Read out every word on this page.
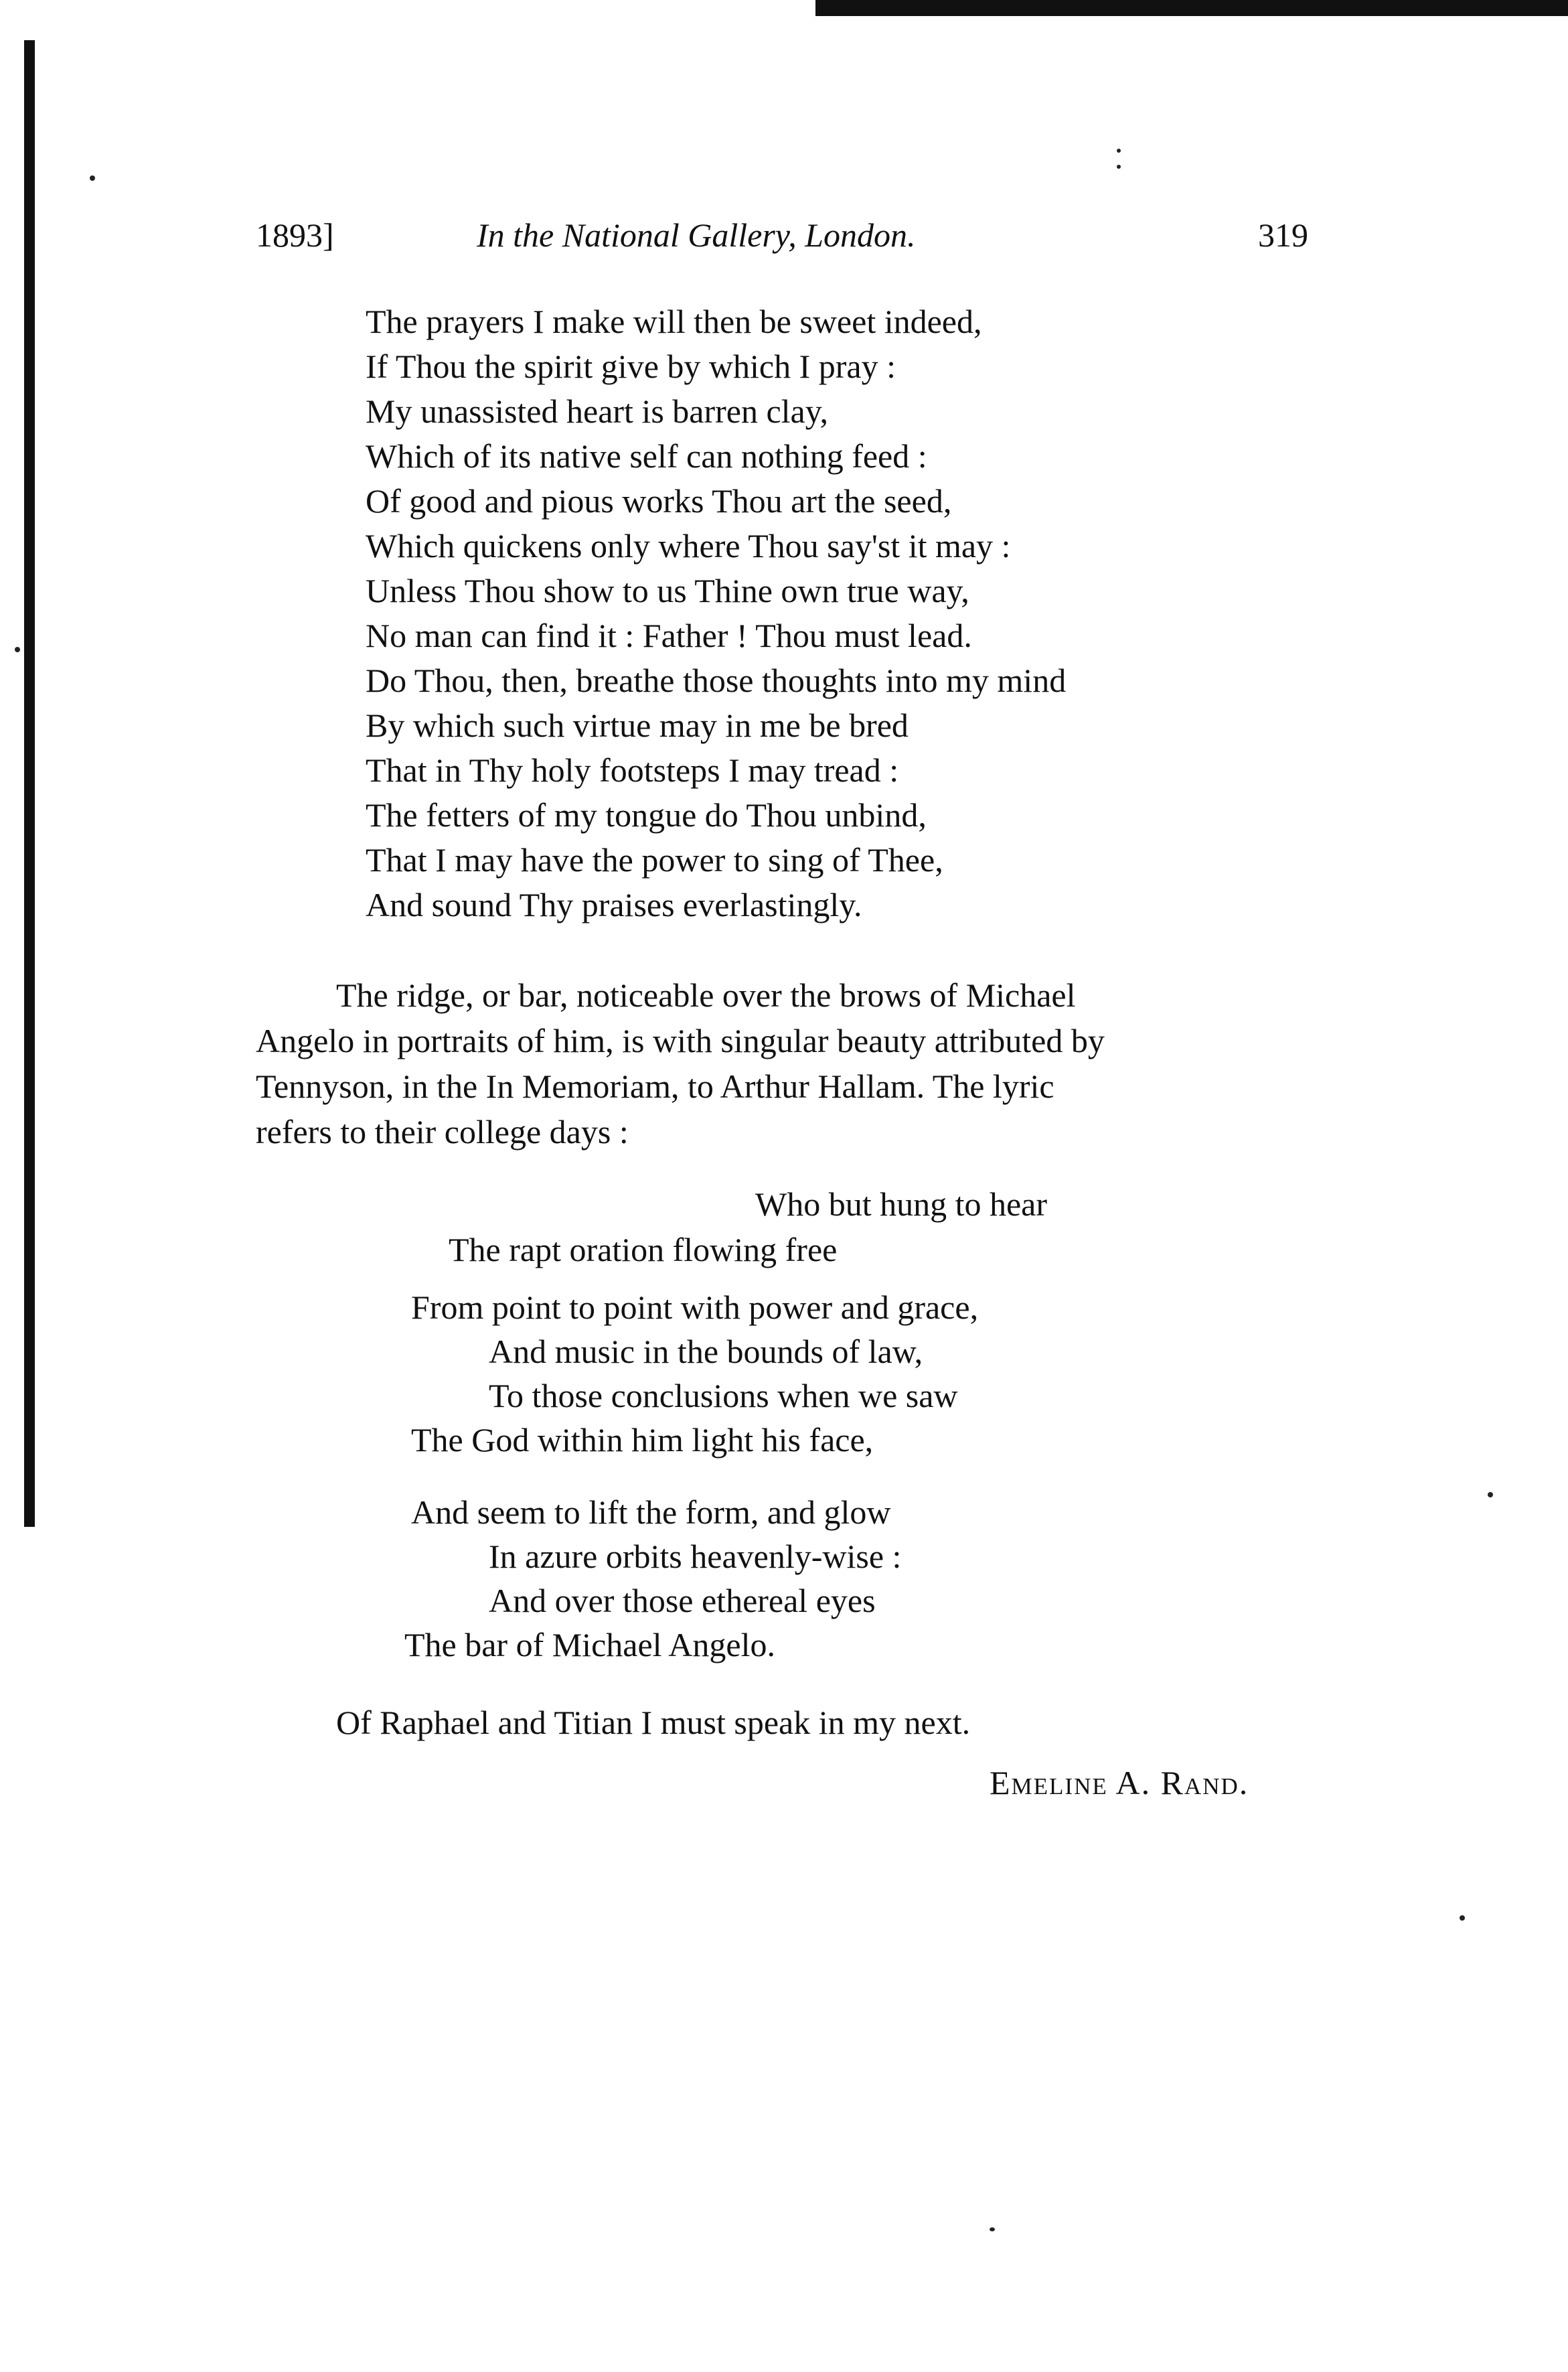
1893]	In the National Gallery, London.	319
The prayers I make will then be sweet indeed,
If Thou the spirit give by which I pray :
My unassisted heart is barren clay,
Which of its native self can nothing feed :
Of good and pious works Thou art the seed,
Which quickens only where Thou say'st it may :
Unless Thou show to us Thine own true way,
No man can find it : Father ! Thou must lead.
Do Thou, then, breathe those thoughts into my mind
By which such virtue may in me be bred
That in Thy holy footsteps I may tread :
The fetters of my tongue do Thou unbind,
That I may have the power to sing of Thee,
And sound Thy praises everlastingly.
The ridge, or bar, noticeable over the brows of Michael
Angelo in portraits of him, is with singular beauty attributed by
Tennyson, in the In Memoriam, to Arthur Hallam. The lyric
refers to their college days :
Who but hung to hear
The rapt oration flowing free
From point to point with power and grace,
And music in the bounds of law,
To those conclusions when we saw
The God within him light his face,
And seem to lift the form, and glow
In azure orbits heavenly-wise :
And over those ethereal eyes
The bar of Michael Angelo.
Of Raphael and Titian I must speak in my next.
Emeline A. Rand.
